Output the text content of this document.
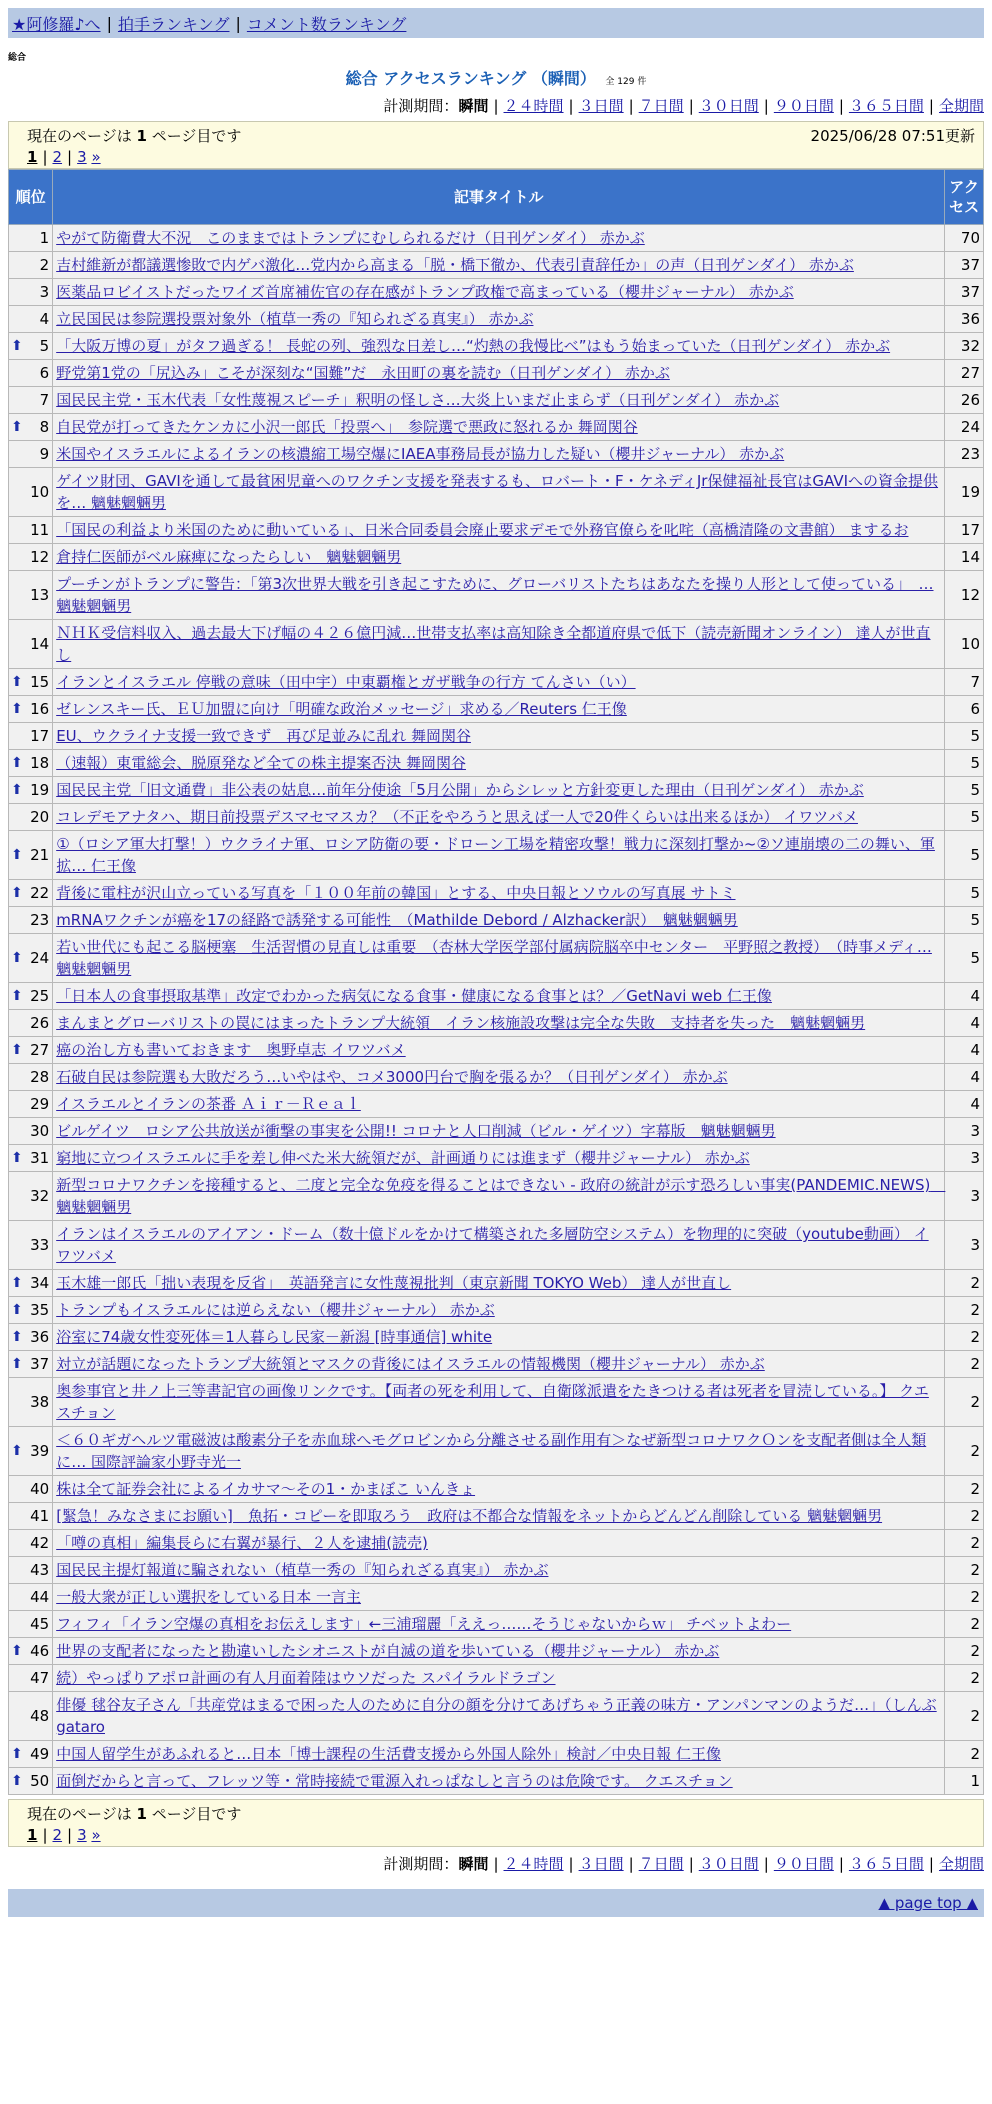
★阿修羅♪へ | 拍手ランキング | コメント数ランキング
総合
総合 アクセスランキング （瞬間） 全 129 件
計測期間：瞬間 | ２４時間 | ３日間 | ７日間 | ３０日間 | ９０日間 | ３６５日間 | 全期間
現在のページは 1 ページ目です	2025/06/28 07:51更新
1 | 2 | 3
»
順位	記事タイトル	アクセス
1	やがて防衛費大不況　このままではトランプにむしられるだけ（日刊ゲンダイ） 赤かぶ	70
2	吉村維新が都議選惨敗で内ゲバ激化…党内から高まる「脱・橋下徹か、代表引責辞任か」の声（日刊ゲンダイ） 赤かぶ	37
3	医薬品ロビイストだったワイズ首席補佐官の存在感がトランプ政権で高まっている（櫻井ジャーナル） 赤かぶ	37
4	立民国民は参院選投票対象外（植草一秀の『知られざる真実』） 赤かぶ	36

⬆ 5	「大阪万博の夏」がタフ過ぎる！ 長蛇の列、強烈な日差し…“灼熱の我慢比べ”はもう始まっていた（日刊ゲンダイ） 赤かぶ	32
6	野党第1党の「尻込み」こそが深刻な“国難”だ　永田町の裏を読む（日刊ゲンダイ） 赤かぶ	27
7	国民民主党・玉木代表「女性蔑視スピーチ」釈明の怪しさ…大炎上いまだ止まらず（日刊ゲンダイ） 赤かぶ	26

⬆ 8	自民党が打ってきたケンカに小沢一郎氏「投票へ」　参院選で悪政に怒れるか 舞岡関谷	24
9	米国やイスラエルによるイランの核濃縮工場空爆にIAEA事務局長が協力した疑い（櫻井ジャーナル） 赤かぶ	23
10	ゲイツ財団、GAVIを通して最貧困児童へのワクチン支援を発表するも、ロバート・F・ケネディJr保健福祉長官はGAVIへの資金提供を… 魑魅魍魎男	19
11	「国民の利益より米国のために動いている」、日米合同委員会廃止要求デモで外務官僚らを叱咤（高橋清隆の文書館） まするお	17
12	倉持仁医師がベル麻痺になったらしい　魑魅魍魎男	14
13	プーチンがトランプに警告：「第3次世界大戦を引き起こすために、グローバリストたちはあなたを操り人形として使っている」　… 魑魅魍魎男	12
14	ＮＨＫ受信料収入、過去最大下げ幅の４２６億円減…世帯支払率は高知除き全都道府県で低下（読売新聞オンライン） 達人が世直し	10

⬆ 15	イランとイスラエル 停戦の意味（田中宇）中東覇権とガザ戦争の行方 てんさい（い）	7

⬆ 16	ゼレンスキー氏、ＥＵ加盟に向け「明確な政治メッセージ」求める／Reuters 仁王像	6
17	EU、ウクライナ支援一致できず　再び足並みに乱れ 舞岡関谷	5

⬆ 18	（速報）東電総会、脱原発など全ての株主提案否決 舞岡関谷	5

⬆ 19	国民民主党「旧文通費」非公表の姑息…前年分使途「5月公開」からシレッと方針変更した理由（日刊ゲンダイ） 赤かぶ	5
20	コレデモアナタハ、期日前投票デスマセマスカ？（不正をやろうと思えば一人で20件くらいは出来るほか） イワツバメ	5

⬆ 21	①（ロシア軍大打撃！）ウクライナ軍、ロシア防衛の要・ドローン工場を精密攻撃！戦力に深刻打撃か~②ソ連崩壊の二の舞い、軍拡… 仁王像	5

⬆ 22	背後に電柱が沢山立っている写真を「１００年前の韓国」とする、中央日報とソウルの写真展 サトミ	5
23	mRNAワクチンが癌を17の経路で誘発する可能性　（Mathilde Debord / Alzhacker訳）　魑魅魍魎男	5

⬆ 24	若い世代にも起こる脳梗塞　生活習慣の見直しは重要　（杏林大学医学部付属病院脳卒中センター　平野照之教授）　（時事メディ… 魑魅魍魎男	5

⬆ 25	「日本人の食事摂取基準」改定でわかった病気になる食事・健康になる食事とは？／GetNavi web 仁王像	4
26	まんまとグローバリストの罠にはまったトランプ大統領　イラン核施設攻撃は完全な失敗　支持者を失った　魑魅魍魎男	4

⬆ 27	癌の治し方も書いておきます　奥野卓志 イワツバメ	4
28	石破自民は参院選も大敗だろう…いやはや、コメ3000円台で胸を張るか？（日刊ゲンダイ） 赤かぶ	4
29	イスラエルとイランの茶番 Ａｉｒ－Ｒｅａｌ	4
30	ビルゲイツ　ロシア公共放送が衝撃の事実を公開!! コロナと人口削減（ビル・ゲイツ）字幕版　魑魅魍魎男	3

⬆ 31	窮地に立つイスラエルに手を差し伸べた米大統領だが、計画通りには進まず（櫻井ジャーナル） 赤かぶ	3
32	新型コロナワクチンを接種すると、二度と完全な免疫を得ることはできない - 政府の統計が示す恐ろしい事実(PANDEMIC.NEWS)　魑魅魍魎男	3
33	イランはイスラエルのアイアン・ドーム（数十億ドルをかけて構築された多層防空システム）を物理的に突破（youtube動画） イワツバメ	3

⬆ 34	玉木雄一郎氏「拙い表現を反省」　英語発言に女性蔑視批判（東京新聞 TOKYO Web） 達人が世直し	2

⬆ 35	トランプもイスラエルには逆らえない（櫻井ジャーナル） 赤かぶ	2

⬆ 36	浴室に74歳女性変死体＝1人暮らし民家－新潟 [時事通信] white	2

⬆ 37	対立が話題になったトランプ大統領とマスクの背後にはイスラエルの情報機関（櫻井ジャーナル） 赤かぶ	2
38	奥参事官と井ノ上三等書記官の画像リンクです。【両者の死を利用して、自衛隊派遣をたきつける者は死者を冒涜している。】 クエスチョン	2

⬆ 39	＜６０ギガヘルツ電磁波は酸素分子を赤血球へモグロビンから分離させる副作用有＞なぜ新型コロナワクＯンを支配者側は全人類に… 国際評論家小野寺光一	2
40	株は全て証券会社によるイカサマ〜その1・かまぼこ いんきょ	2
41	[緊急！みなさまにお願い]　魚拓・コピーを即取ろう　政府は不都合な情報をネットからどんどん削除している 魑魅魍魎男	2
42	「噂の真相」編集長らに右翼が暴行、２人を逮捕(読売)	2
43	国民民主提灯報道に騙されない（植草一秀の『知られざる真実』） 赤かぶ	2
44	一般大衆が正しい選択をしている日本 一言主	2
45	フィフィ「イラン空爆の真相をお伝えします」←三浦瑠麗「ええっ……そうじゃないからｗ」 チベットよわー	2

⬆ 46	世界の支配者になったと勘違いしたシオニストが自滅の道を歩いている（櫻井ジャーナル） 赤かぶ	2
47	続）やっぱりアポロ計画の有人月面着陸はウソだった スパイラルドラゴン	2
48	俳優 毬谷友子さん「共産党はまるで困った人のために自分の顔を分けてあげちゃう正義の味方・アンパンマンのようだ…」（しんぶ gataro	2

⬆ 49	中国人留学生があふれると…日本「博士課程の生活費支援から外国人除外」検討／中央日報 仁王像	2

⬆ 50	面倒だからと言って、フレッツ等・常時接続で電源入れっぱなしと言うのは危険です。 クエスチョン	1
現在のページは 1 ページ目です
1 | 2 | 3
»
計測期間：瞬間 | ２４時間 | ３日間 | ７日間 | ３０日間 | ９０日間 | ３６５日間 | 全期間
▲ page top ▲
